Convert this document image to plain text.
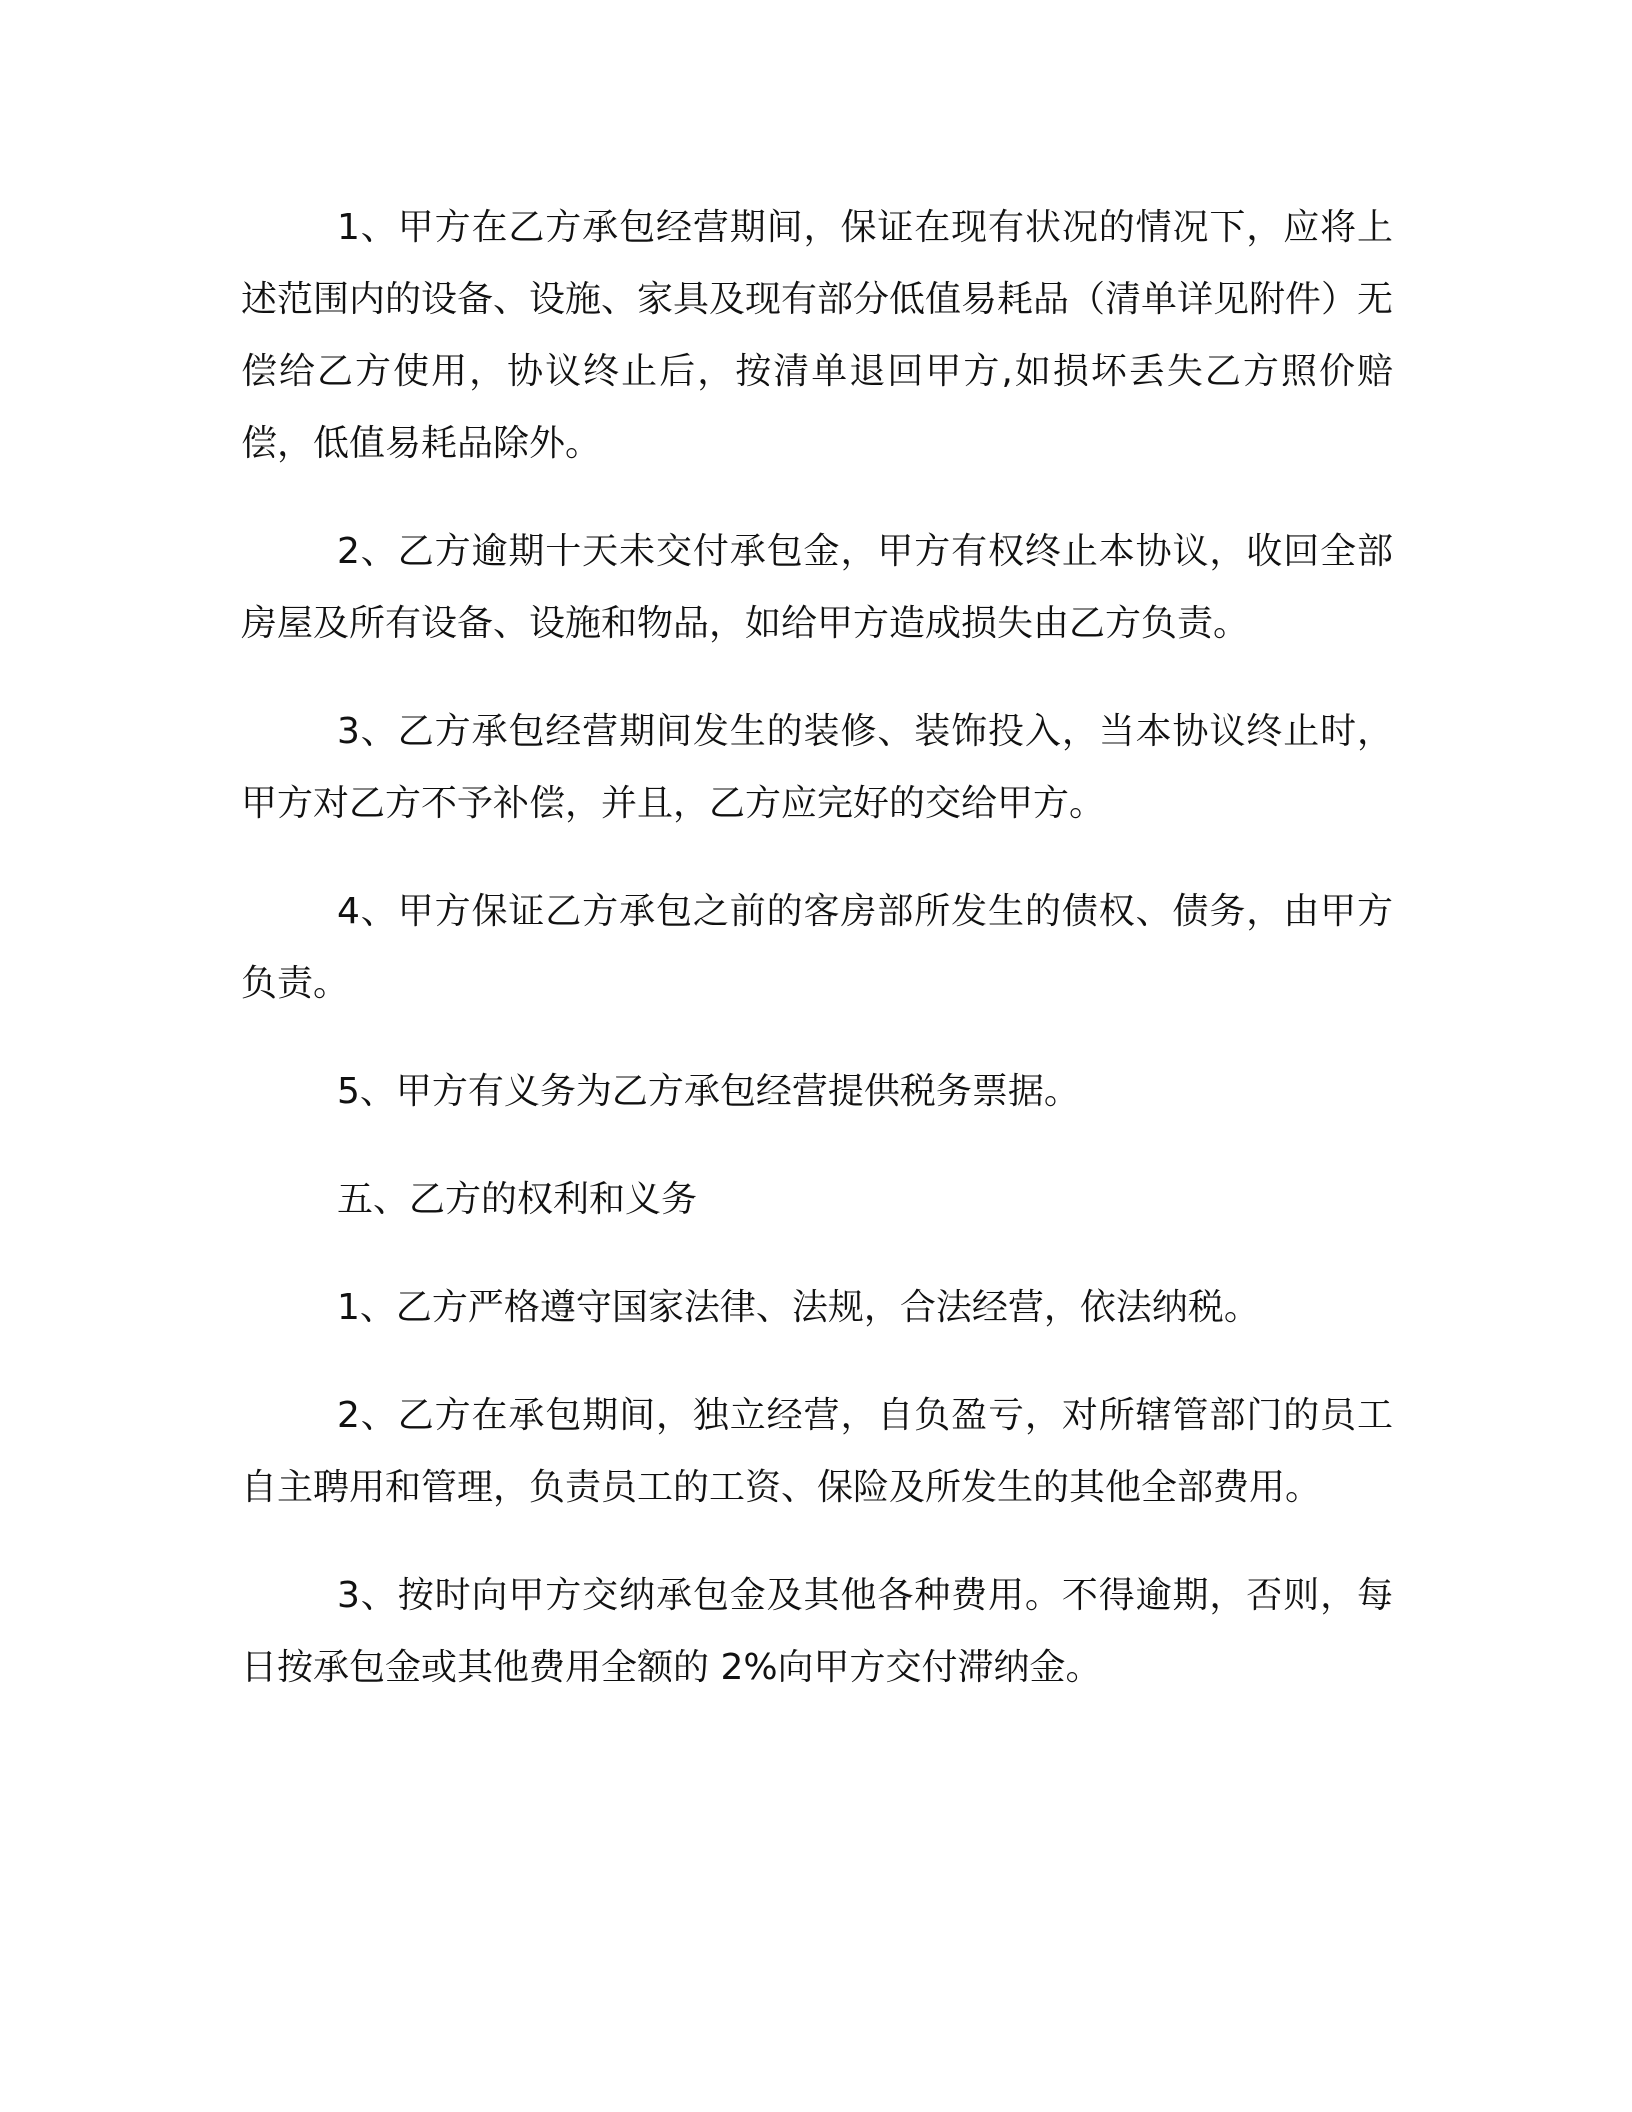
1、甲方在乙方承包经营期间，保证在现有状况的情况下，应将上述范围内的设备、设施、家具及现有部分低值易耗品（清单详见附件）无偿给乙方使用，协议终止后，按清单退回甲方,如损坏丢失乙方照价赔偿，低值易耗品除外。

2、乙方逾期十天未交付承包金，甲方有权终止本协议，收回全部房屋及所有设备、设施和物品，如给甲方造成损失由乙方负责。

3、乙方承包经营期间发生的装修、装饰投入，当本协议终止时，甲方对乙方不予补偿，并且，乙方应完好的交给甲方。

4、甲方保证乙方承包之前的客房部所发生的债权、债务，由甲方负责。

5、甲方有义务为乙方承包经营提供税务票据。

五、乙方的权利和义务

1、乙方严格遵守国家法律、法规，合法经营，依法纳税。

2、乙方在承包期间，独立经营，自负盈亏，对所辖管部门的员工自主聘用和管理，负责员工的工资、保险及所发生的其他全部费用。

3、按时向甲方交纳承包金及其他各种费用。不得逾期，否则，每日按承包金或其他费用全额的 2%向甲方交付滞纳金。
